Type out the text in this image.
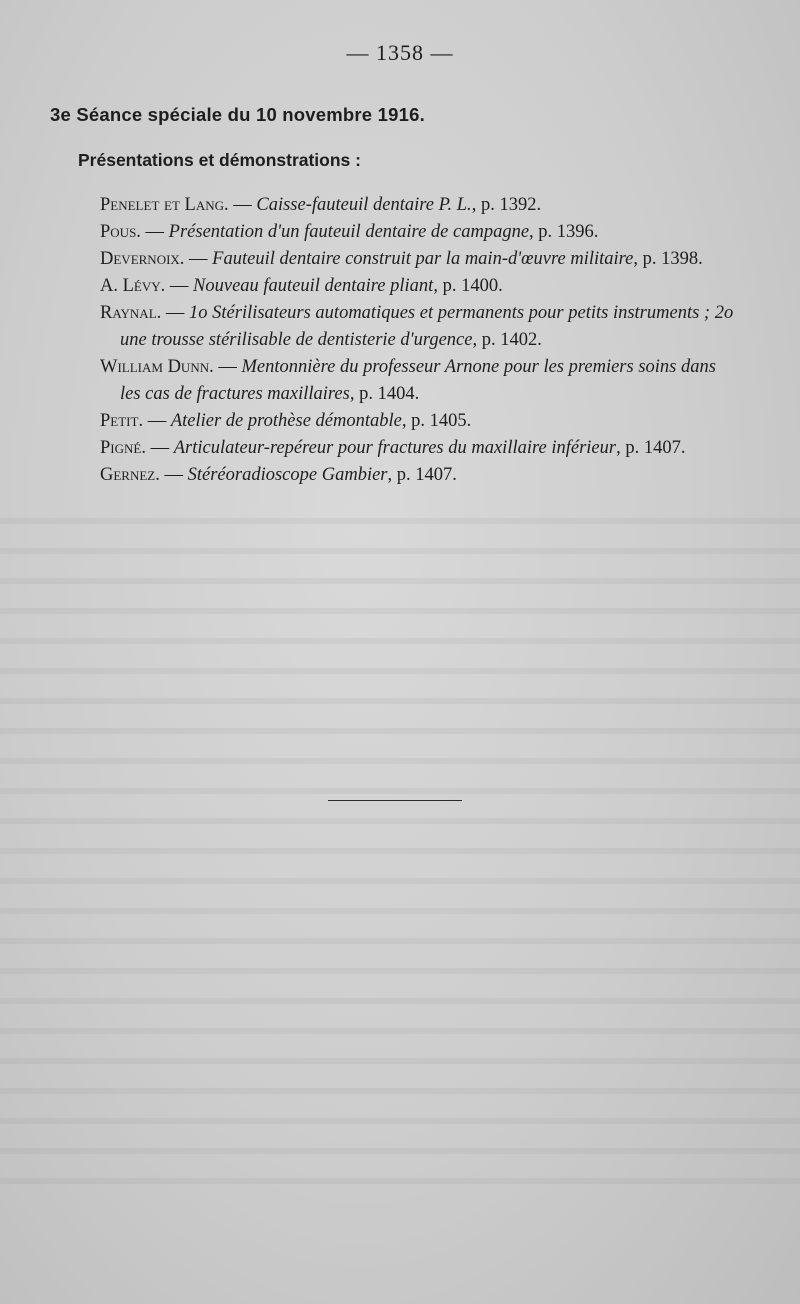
— 1358 —
3e Séance spéciale du 10 novembre 1916.
Présentations et démonstrations :
Penelet et Lang. — Caisse-fauteuil dentaire P. L., p. 1392.
Pous. — Présentation d'un fauteuil dentaire de campagne, p. 1396.
Devernoix. — Fauteuil dentaire construit par la main-d'œuvre militaire, p. 1398.
A. Lévy. — Nouveau fauteuil dentaire pliant, p. 1400.
Raynal. — 1o Stérilisateurs automatiques et permanents pour petits instruments ; 2o une trousse stérilisable de dentisterie d'urgence, p. 1402.
William Dunn. — Mentonnière du professeur Arnone pour les premiers soins dans les cas de fractures maxillaires, p. 1404.
Petit. — Atelier de prothèse démontable, p. 1405.
Pigné. — Articulateur-repéreur pour fractures du maxillaire inférieur, p. 1407.
Gernez. — Stéréoradioscope Gambier, p. 1407.
